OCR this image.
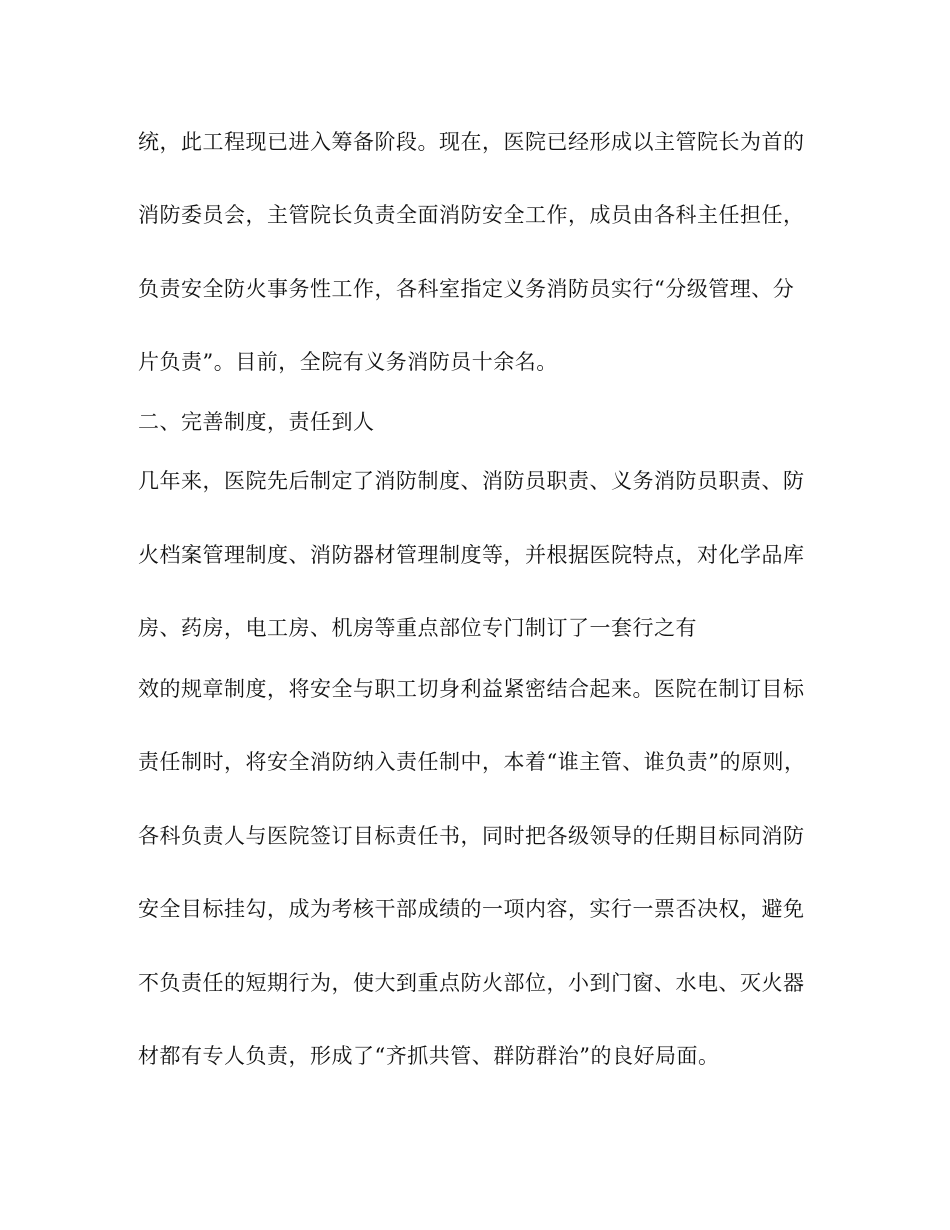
统，此工程现已进入筹备阶段。现在，医院已经形成以主管院长为首的

消防委员会，主管院长负责全面消防安全工作，成员由各科主任担任，

负责安全防火事务性工作，各科室指定义务消防员实行“分级管理、分

片负责”。目前，全院有义务消防员十余名。

二、完善制度，责任到人

几年来，医院先后制定了消防制度、消防员职责、义务消防员职责、防

火档案管理制度、消防器材管理制度等，并根据医院特点，对化学品库

房、药房，电工房、机房等重点部位专门制订了一套行之有

效的规章制度，将安全与职工切身利益紧密结合起来。医院在制订目标

责任制时，将安全消防纳入责任制中，本着“谁主管、谁负责”的原则，

各科负责人与医院签订目标责任书，同时把各级领导的任期目标同消防

安全目标挂勾，成为考核干部成绩的一项内容，实行一票否决权，避免

不负责任的短期行为，使大到重点防火部位，小到门窗、水电、灭火器

材都有专人负责，形成了“齐抓共管、群防群治”的良好局面。
